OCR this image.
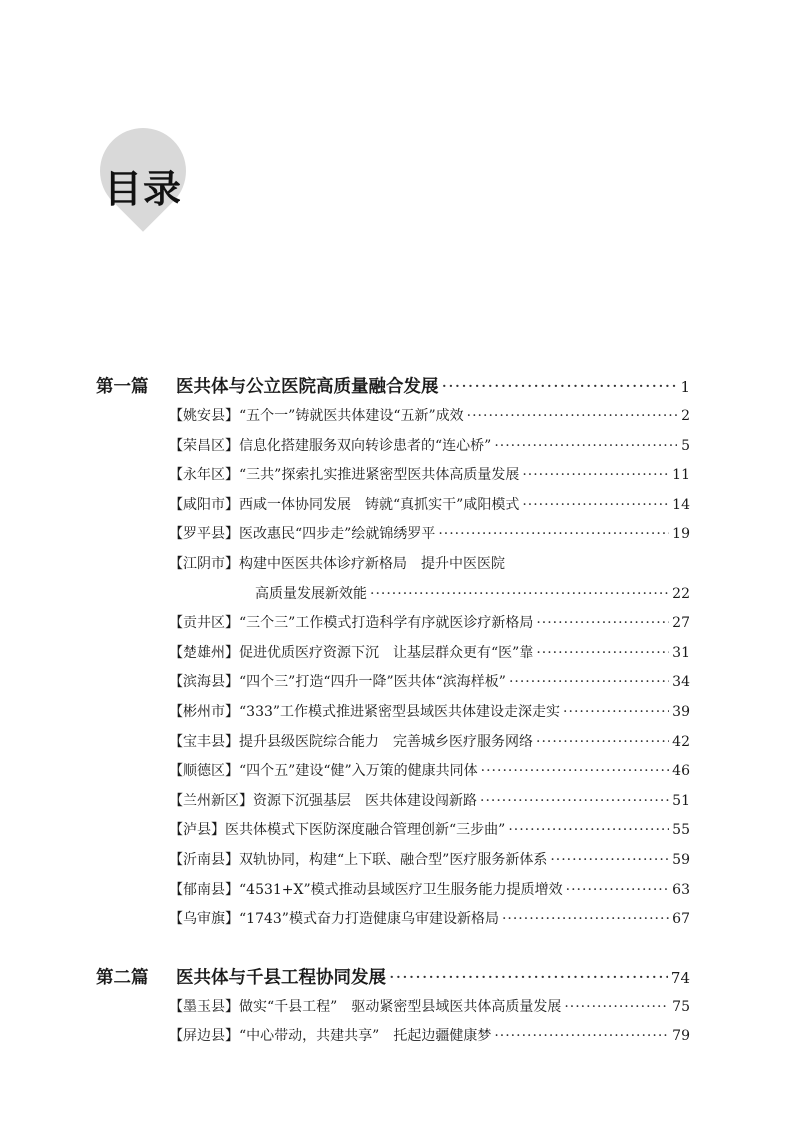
目录
第一篇	医共体与公立医院高质量融合发展 ·····	1
【姚安县】 “五个一”铸就医共体建设“五新”成效 ·····	2
【荣昌区】 信息化搭建服务双向转诊患者的“连心桥” ·····	5
【永年区】 “三共”探索扎实推进紧密型医共体高质量发展 ·····	11
【咸阳市】 西咸一体协同发展　铸就“真抓实干”咸阳模式 ·····	14
【罗平县】 医改惠民“四步走”绘就锦绣罗平 ·····	19
【江阴市】 构建中医医共体诊疗新格局　提升中医医院
高质量发展新效能 ·····	22
【贡井区】 “三个三”工作模式打造科学有序就医诊疗新格局 ·····	27
【楚雄州】 促进优质医疗资源下沉　让基层群众更有“医”靠 ·····	31
【滨海县】 “四个三”打造“四升一降”医共体“滨海样板” ·····	34
【彬州市】 “333”工作模式推进紧密型县域医共体建设走深走实 ·····	39
【宝丰县】 提升县级医院综合能力　完善城乡医疗服务网络 ·····	42
【顺德区】 “四个五”建设“健”入万策的健康共同体 ·····	46
【兰州新区】 资源下沉强基层　医共体建设闯新路 ·····	51
【泸县】 医共体模式下医防深度融合管理创新“三步曲” ·····	55
【沂南县】 双轨协同，构建“上下联、融合型”医疗服务新体系 ·····	59
【郁南县】 “4531+X”模式推动县域医疗卫生服务能力提质增效 ·····	63
【乌审旗】 “1743”模式奋力打造健康乌审建设新格局 ·····	67
第二篇	医共体与千县工程协同发展 ·····	74
【墨玉县】 做实“千县工程”　驱动紧密型县域医共体高质量发展 ·····	75
【屏边县】 “中心带动，共建共享”　托起边疆健康梦 ·····	79
